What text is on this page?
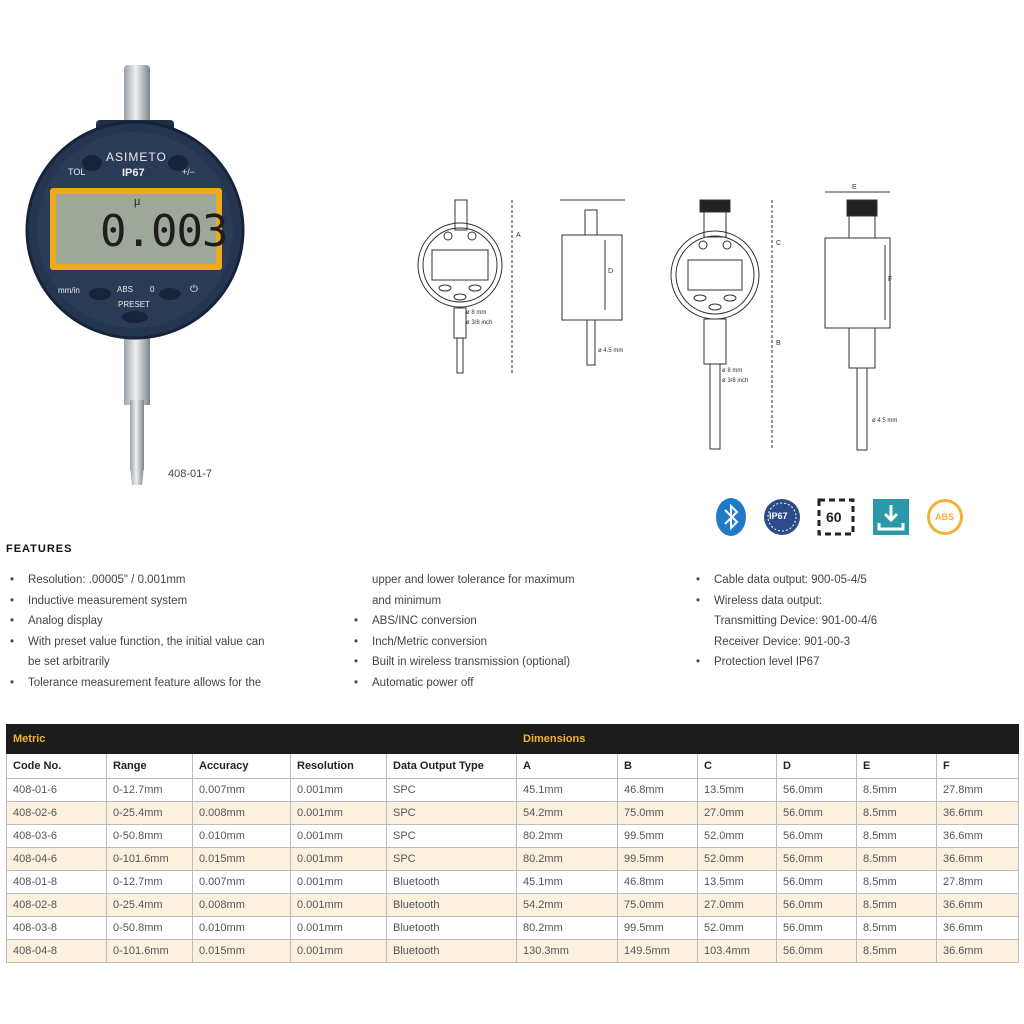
ASIMETO
IP67
TOL	+/−
μ
0.003
mm/in	ABS 0	⏻
PRESET
408-01-7
A
D
ø 8 mm
ø 3/8 inch
ø 4.5 mm
B
C
ø 8 mm
ø 3/8 inch
E
F
ø 4.5 mm
IP67	60	ABS
FEATURES
• Resolution: .00005" / 0.001mm
• Inductive measurement system
• Analog display
• With preset value function, the initial value can
be set arbitrarily
• Tolerance measurement feature allows for the
upper and lower tolerance for maximum
and minimum
• ABS/INC conversion
• Inch/Metric conversion
• Built in wireless transmission (optional)
• Automatic power off
• Cable data output: 900-05-4/5
• Wireless data output:
Transmitting Device: 901-00-4/6
Receiver Device: 901-00-3
• Protection level IP67
Metric					Dimensions					
Code No.	Range	Accuracy	Resolution	Data Output Type	A	B	C	D	E	F
408-01-6	0-12.7mm	0.007mm	0.001mm	SPC	45.1mm	46.8mm	13.5mm	56.0mm	8.5mm	27.8mm
408-02-6	0-25.4mm	0.008mm	0.001mm	SPC	54.2mm	75.0mm	27.0mm	56.0mm	8.5mm	36.6mm
408-03-6	0-50.8mm	0.010mm	0.001mm	SPC	80.2mm	99.5mm	52.0mm	56.0mm	8.5mm	36.6mm
408-04-6	0-101.6mm	0.015mm	0.001mm	SPC	80.2mm	99.5mm	52.0mm	56.0mm	8.5mm	36.6mm
408-01-8	0-12.7mm	0.007mm	0.001mm	Bluetooth	45.1mm	46.8mm	13.5mm	56.0mm	8.5mm	27.8mm
408-02-8	0-25.4mm	0.008mm	0.001mm	Bluetooth	54.2mm	75.0mm	27.0mm	56.0mm	8.5mm	36.6mm
408-03-8	0-50.8mm	0.010mm	0.001mm	Bluetooth	80.2mm	99.5mm	52.0mm	56.0mm	8.5mm	36.6mm
408-04-8	0-101.6mm	0.015mm	0.001mm	Bluetooth	130.3mm	149.5mm	103.4mm	56.0mm	8.5mm	36.6mm
